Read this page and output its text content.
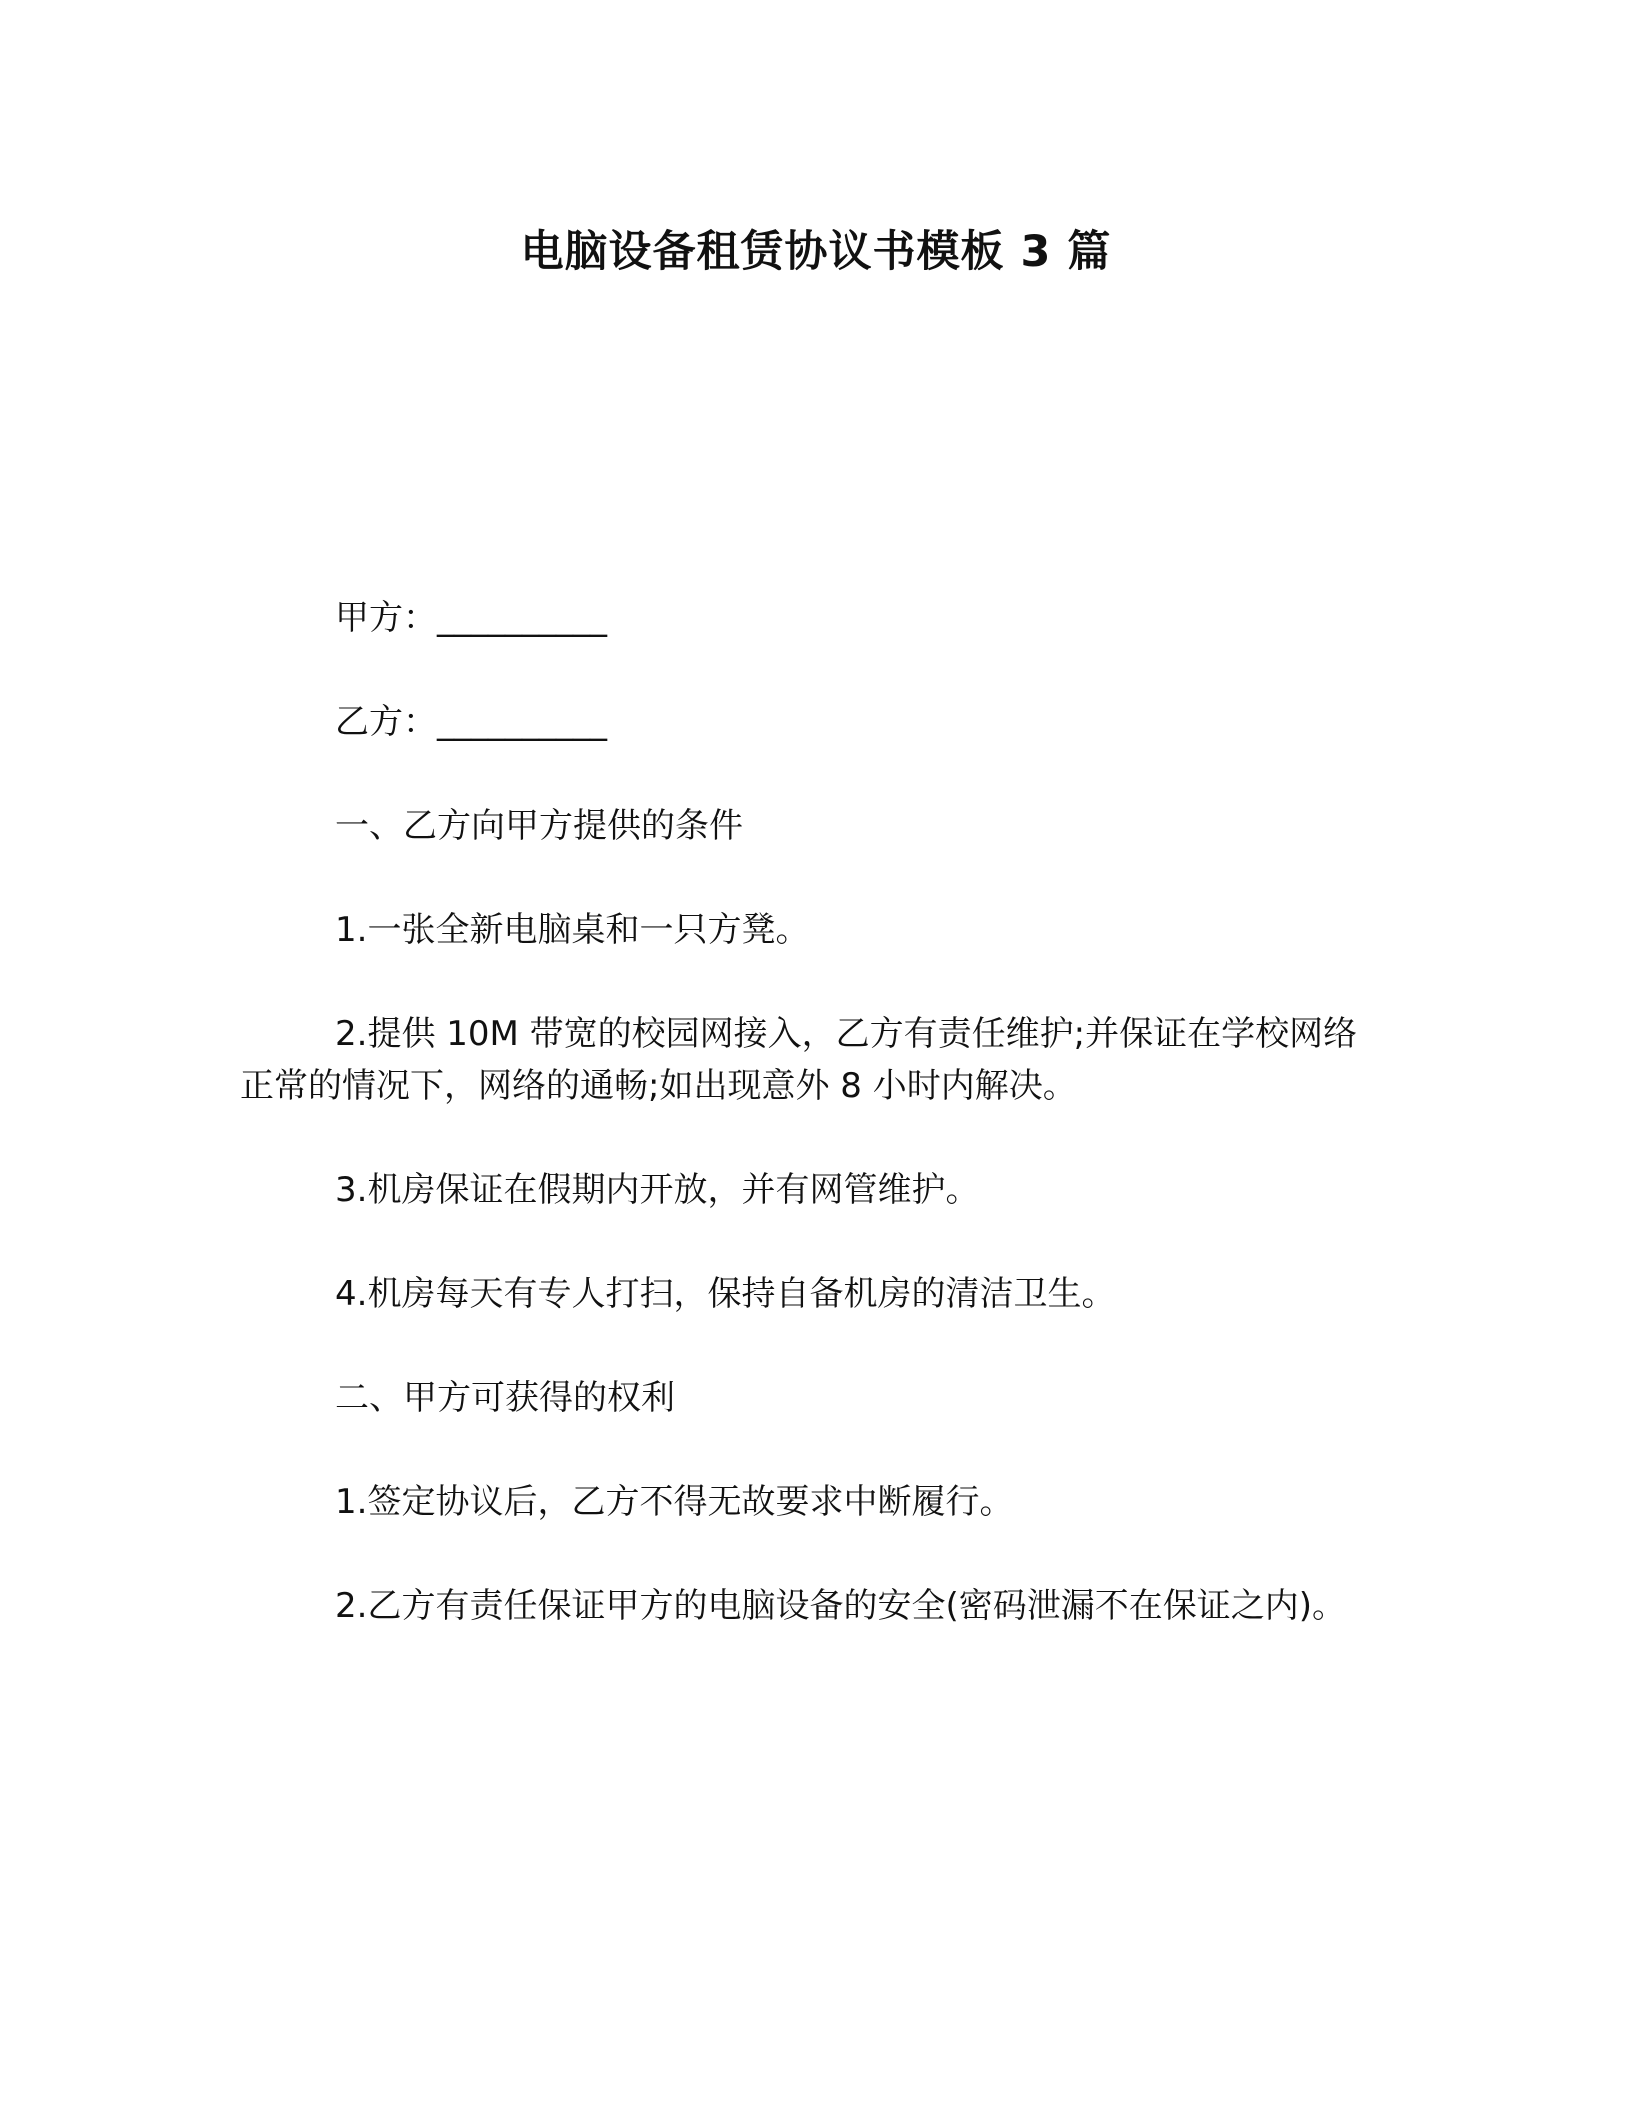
电脑设备租赁协议书模板 3 篇

甲方：__________

乙方：__________

一、乙方向甲方提供的条件

1.一张全新电脑桌和一只方凳。

2.提供 10M 带宽的校园网接入，乙方有责任维护;并保证在学校网络正常的情况下，网络的通畅;如出现意外 8 小时内解决。

3.机房保证在假期内开放，并有网管维护。

4.机房每天有专人打扫，保持自备机房的清洁卫生。

二、甲方可获得的权利

1.签定协议后，乙方不得无故要求中断履行。

2.乙方有责任保证甲方的电脑设备的安全(密码泄漏不在保证之内)。
